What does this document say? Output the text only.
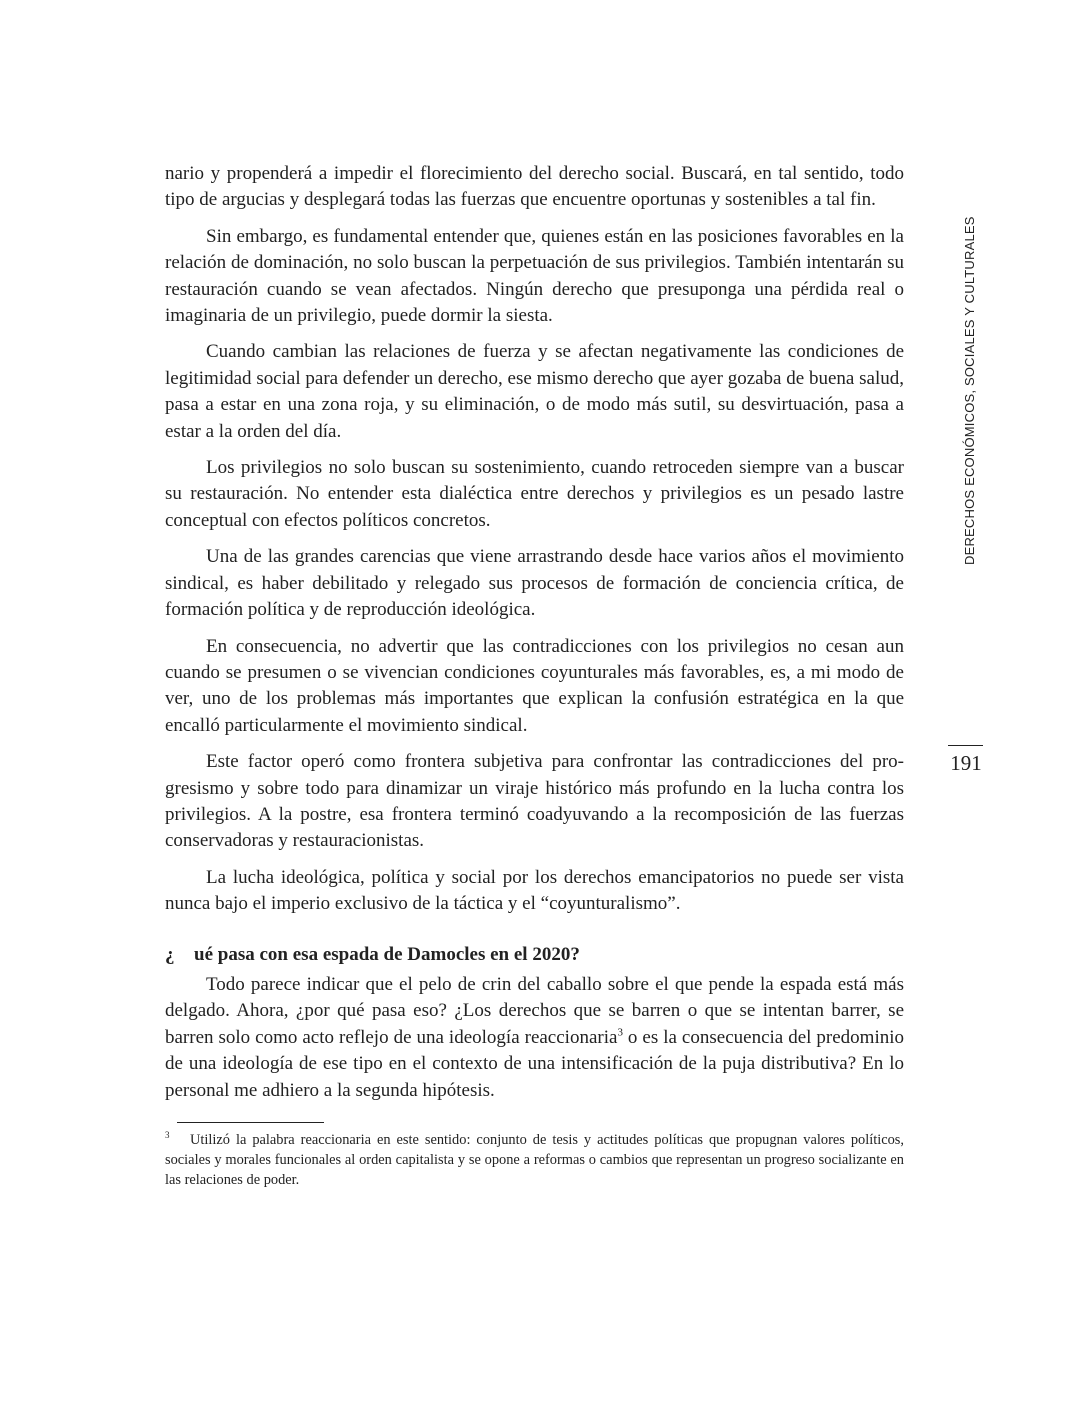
DERECHOS ECONÓMICOS, SOCIALES Y CULTURALES
191

nario y propenderá a impedir el florecimiento del derecho social. Buscará, en tal sentido, todo tipo de argucias y desplegará todas las fuerzas que encuentre oportunas y sostenibles a tal fin.

Sin embargo, es fundamental entender que, quienes están en las posiciones favorables en la relación de dominación, no solo buscan la perpetuación de sus privilegios. También intentarán su restauración cuando se vean afectados. Ningún derecho que presuponga una pérdida real o imaginaria de un privilegio, puede dormir la siesta.

Cuando cambian las relaciones de fuerza y se afectan negativamente las condiciones de legitimidad social para defender un derecho, ese mismo derecho que ayer gozaba de buena salud, pasa a estar en una zona roja, y su eliminación, o de modo más sutil, su desvirtuación, pasa a estar a la orden del día.

Los privilegios no solo buscan su sostenimiento, cuando retroceden siempre van a buscar su restauración. No entender esta dialéctica entre derechos y privilegios es un pesado lastre conceptual con efectos políticos concretos.

Una de las grandes carencias que viene arrastrando desde hace varios años el movimiento sindical, es haber debilitado y relegado sus procesos de formación de conciencia crítica, de formación política y de reproducción ideológica.

En consecuencia, no advertir que las contradicciones con los privilegios no cesan aun cuando se presumen o se vivencian condiciones coyunturales más favorables, es, a mi modo de ver, uno de los problemas más importantes que explican la confusión estratégica en la que encalló particularmente el movimiento sindical.

Este factor operó como frontera subjetiva para confrontar las contradicciones del progresismo y sobre todo para dinamizar un viraje histórico más profundo en la lucha contra los privilegios. A la postre, esa frontera terminó coadyuvando a la recomposición de las fuerzas conservadoras y restauracionistas.

La lucha ideológica, política y social por los derechos emancipatorios no puede ser vista nunca bajo el imperio exclusivo de la táctica y el “coyunturalismo”.

¿  ué pasa con esa espada de Damocles en el 2020?

Todo parece indicar que el pelo de crin del caballo sobre el que pende la espada está más delgado. Ahora, ¿por qué pasa eso? ¿Los derechos que se barren o que se intentan barrer, se barren solo como acto reflejo de una ideología reaccionaria$^3$ o es la consecuencia del predominio de una ideología de ese tipo en el contexto de una intensificación de la puja distributiva? En lo personal me adhiero a la segunda hipótesis.

3 Utilizó la palabra reaccionaria en este sentido: conjunto de tesis y actitudes políticas que propugnan valores políticos, sociales y morales funcionales al orden capitalista y se opone a reformas o cambios que representan un progreso socializante en las relaciones de poder.
